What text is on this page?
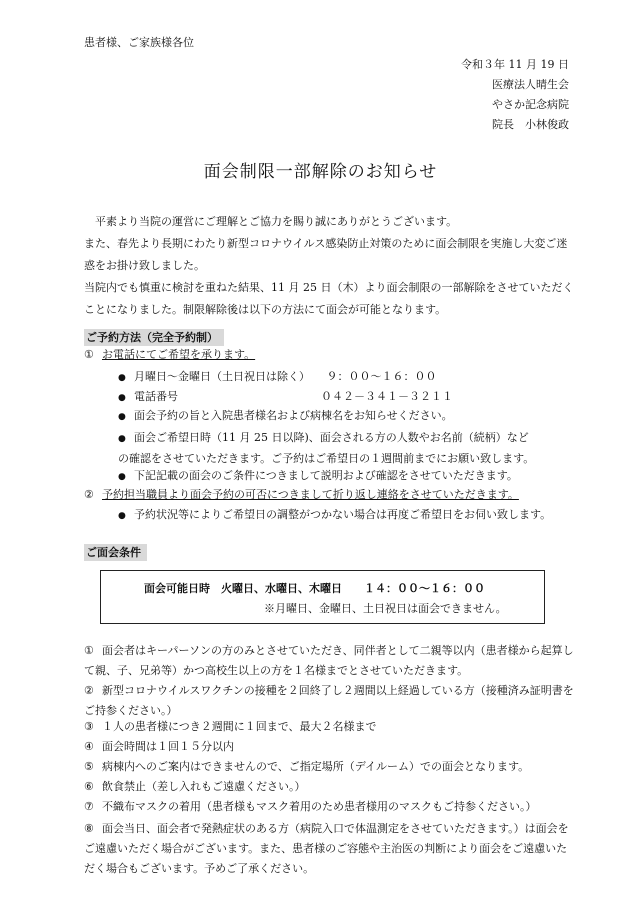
患者様、ご家族様各位
令和３年 11 月 19 日
医療法人晴生会
やさか記念病院
院長　小林俊政
面会制限一部解除のお知らせ
　平素より当院の運営にご理解とご協力を賜り誠にありがとうございます。
また、春先より長期にわたり新型コロナウイルス感染防止対策のために面会制限を実施し大変ご迷惑をお掛け致しました。
当院内でも慎重に検討を重ねた結果、11 月 25 日（木）より面会制限の一部解除をさせていただくことになりました。制限解除後は以下の方法にて面会が可能となります。
ご予約方法（完全予約制）
① お電話にてご希望を承ります。
● 月曜日～金曜日（土日祝日は除く）　　９：００～１６：００
● 電話番号　　　　　　　　　　　　　０４２－３４１－３２１１
● 面会予約の旨と入院患者様名および病棟名をお知らせください。
● 面会ご希望日時（11 月 25 日以降)、面会される方の人数やお名前（続柄）などの確認をさせていただきます。ご予約はご希望日の１週間前までにお願い致します。
● 下記記載の面会のご条件につきまして説明および確認をさせていただきます。
② 予約担当職員より面会予約の可否につきまして折り返し連絡をさせていただきます。
● 予約状況等によりご希望日の調整がつかない場合は再度ご希望日をお伺い致します。
ご面会条件
面会可能日時　火曜日、水曜日、木曜日　　１４：００～１６：００
※月曜日、金曜日、土日祝日は面会できません。
① 面会者はキーパーソンの方のみとさせていただき、同伴者として二親等以内（患者様から起算して親、子、兄弟等）かつ高校生以上の方を１名様までとさせていただきます。
② 新型コロナウイルスワクチンの接種を２回終了し２週間以上経過している方（接種済み証明書をご持参ください。）
③ １人の患者様につき２週間に１回まで、最大２名様まで
④ 面会時間は１回１５分以内
⑤ 病棟内へのご案内はできませんので、ご指定場所（デイルーム）での面会となります。
⑥ 飲食禁止（差し入れもご遠慮ください。）
⑦ 不織布マスクの着用（患者様もマスク着用のため患者様用のマスクもご持参ください。）
⑧ 面会当日、面会者で発熱症状のある方（病院入口で体温測定をさせていただきます。）は面会をご遠慮いただく場合がございます。また、患者様のご容態や主治医の判断により面会をご遠慮いただく場合もございます。予めご了承ください。
